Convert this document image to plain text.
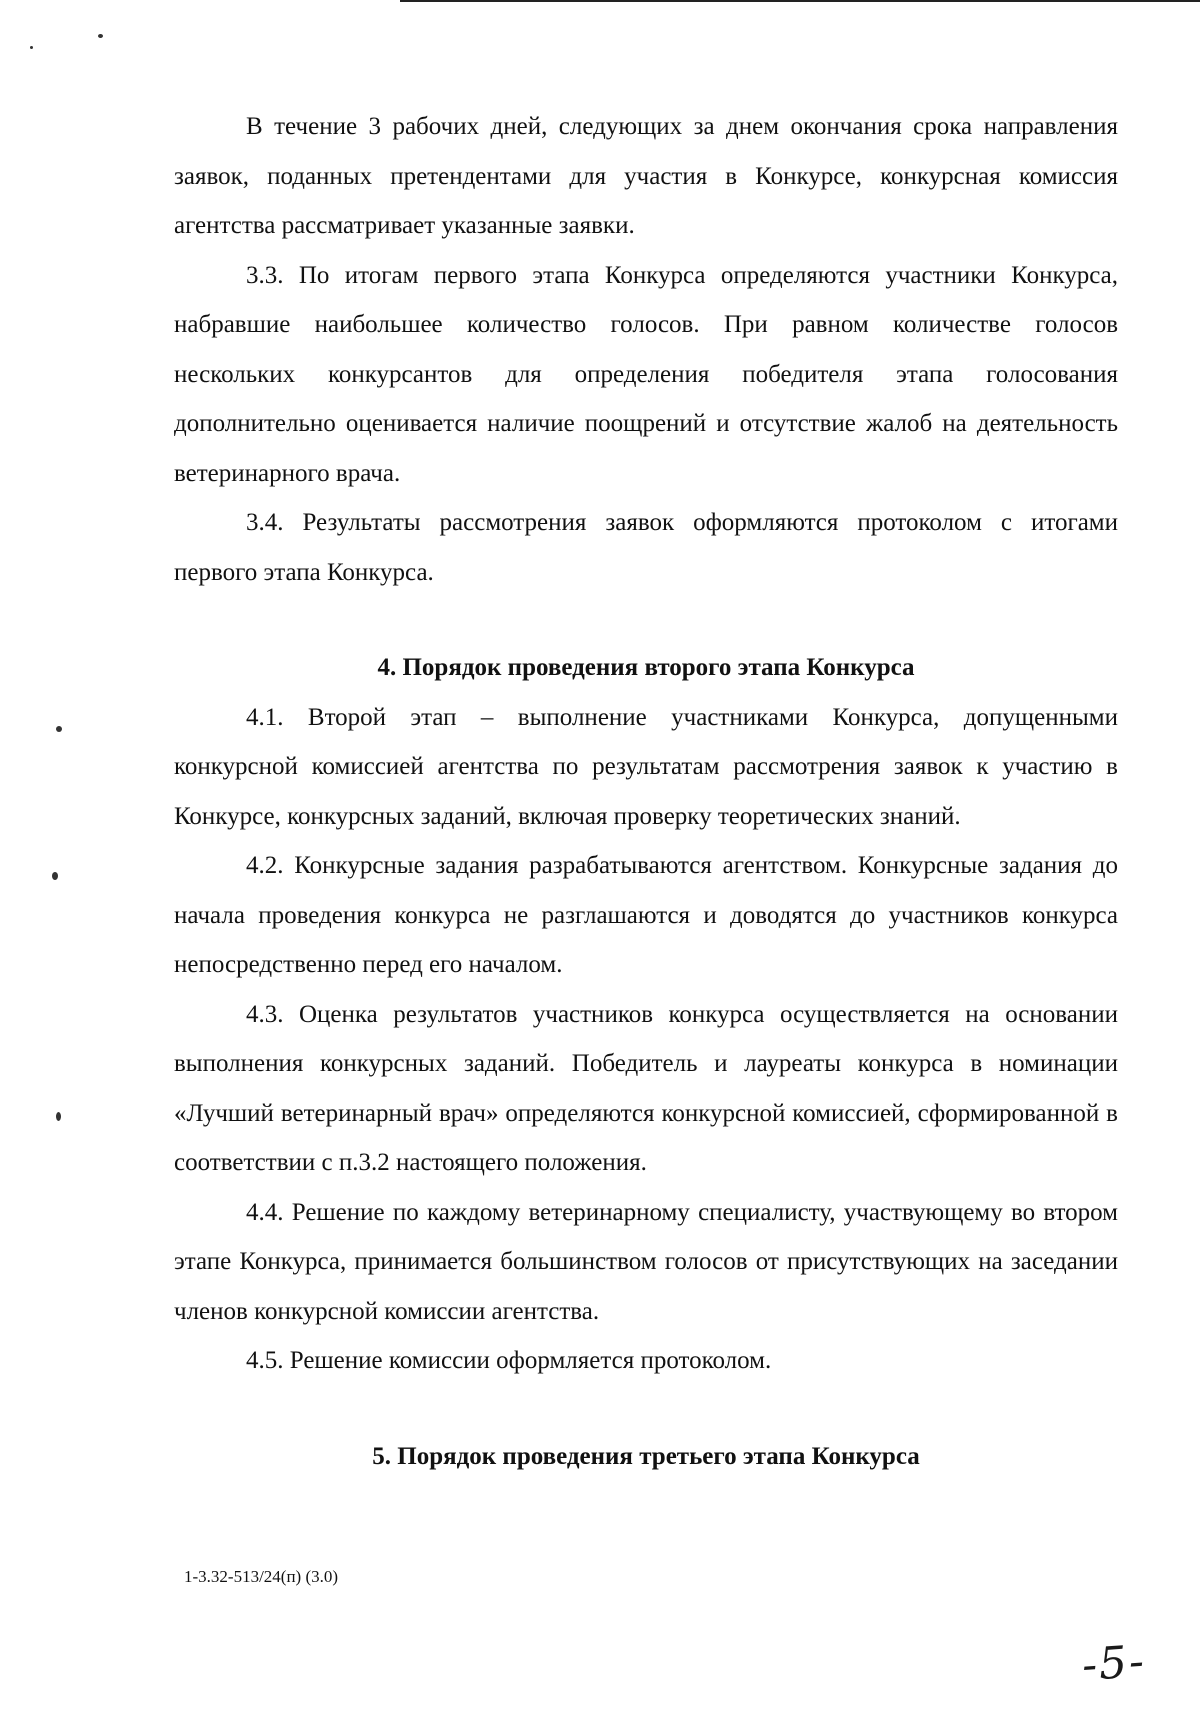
В течение 3 рабочих дней, следующих за днем окончания срока направления заявок, поданных претендентами для участия в Конкурсе, конкурсная комиссия агентства рассматривает указанные заявки.

3.3. По итогам первого этапа Конкурса определяются участники Конкурса, набравшие наибольшее количество голосов. При равном количестве голосов нескольких конкурсантов для определения победителя этапа голосования дополнительно оценивается наличие поощрений и отсутствие жалоб на деятельность ветеринарного врача.

3.4. Результаты рассмотрения заявок оформляются протоколом с итогами первого этапа Конкурса.

4. Порядок проведения второго этапа Конкурса

4.1. Второй этап – выполнение участниками Конкурса, допущенными конкурсной комиссией агентства по результатам рассмотрения заявок к участию в Конкурсе, конкурсных заданий, включая проверку теоретических знаний.

4.2. Конкурсные задания разрабатываются агентством. Конкурсные задания до начала проведения конкурса не разглашаются и доводятся до участников конкурса непосредственно перед его началом.

4.3. Оценка результатов участников конкурса осуществляется на основании выполнения конкурсных заданий. Победитель и лауреаты конкурса в номинации «Лучший ветеринарный врач» определяются конкурсной комиссией, сформированной в соответствии с п.3.2 настоящего положения.

4.4. Решение по каждому ветеринарному специалисту, участвующему во втором этапе Конкурса, принимается большинством голосов от присутствующих на заседании членов конкурсной комиссии агентства.

4.5. Решение комиссии оформляется протоколом.

5. Порядок проведения третьего этапа Конкурса

1-3.32-513/24(п) (3.0)
-5-
